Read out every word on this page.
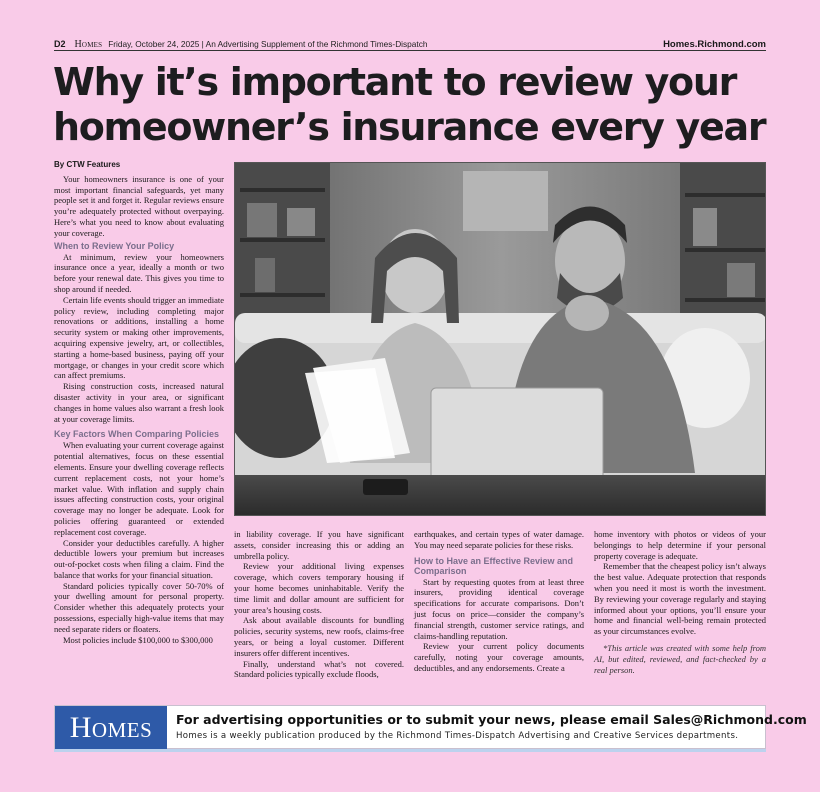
D2 Homes Friday, October 24, 2025 | An Advertising Supplement of the Richmond Times-Dispatch	Homes.Richmond.com
Why it’s important to review your homeowner’s insurance every year
By CTW Features

Your homeowners insurance is one of your most important financial safeguards, yet many people set it and forget it. Regular reviews ensure you’re adequately protected without overpaying. Here’s what you need to know about evaluating your coverage.

When to Review Your Policy

At minimum, review your homeowners insurance once a year, ideally a month or two before your renewal date. This gives you time to shop around if needed.

Certain life events should trigger an immediate policy review, including completing major renovations or additions, installing a home security system or making other improvements, acquiring expensive jewelry, art, or collectibles, starting a home-based business, paying off your mortgage, or changes in your credit score which can affect premiums.

Rising construction costs, increased natural disaster activity in your area, or significant changes in home values also warrant a fresh look at your coverage limits.

Key Factors When Comparing Policies

When evaluating your current coverage against potential alternatives, focus on these essential elements. Ensure your dwelling coverage reflects current replacement costs, not your home’s market value. With inflation and supply chain issues affecting construction costs, your original coverage may no longer be adequate. Look for policies offering guaranteed or extended replacement cost coverage.

Consider your deductibles carefully. A higher deductible lowers your premium but increases out-of-pocket costs when filing a claim. Find the balance that works for your financial situation.

Standard policies typically cover 50-70% of your dwelling amount for personal property. Consider whether this adequately protects your possessions, especially high-value items that may need separate riders or floaters.

Most policies include $100,000 to $300,000

in liability coverage. If you have significant assets, consider increasing this or adding an umbrella policy.

Review your additional living expenses coverage, which covers temporary housing if your home becomes uninhabitable. Verify the time limit and dollar amount are sufficient for your area’s housing costs.

Ask about available discounts for bundling policies, security systems, new roofs, claims-free years, or being a loyal customer. Different insurers offer different incentives.

Finally, understand what’s not covered. Standard policies typically exclude floods,

earthquakes, and certain types of water damage. You may need separate policies for these risks.

How to Have an Effective Review and Comparison

Start by requesting quotes from at least three insurers, providing identical coverage specifications for accurate comparisons. Don’t just focus on price—consider the company’s financial strength, customer service ratings, and claims-handling reputation.

Review your current policy documents carefully, noting your coverage amounts, deductibles, and any endorsements. Create a

home inventory with photos or videos of your belongings to help determine if your personal property coverage is adequate.

Remember that the cheapest policy isn’t always the best value. Adequate protection that responds when you need it most is worth the investment. By reviewing your coverage regularly and staying informed about your options, you’ll ensure your home and financial well-being remain protected as your circumstances evolve.

*This article was created with some help from AI, but edited, reviewed, and fact-checked by a real person.

Homes	For advertising opportunities or to submit your news, please email Sales@Richmond.com
Homes is a weekly publication produced by the Richmond Times-Dispatch Advertising and Creative Services departments.
